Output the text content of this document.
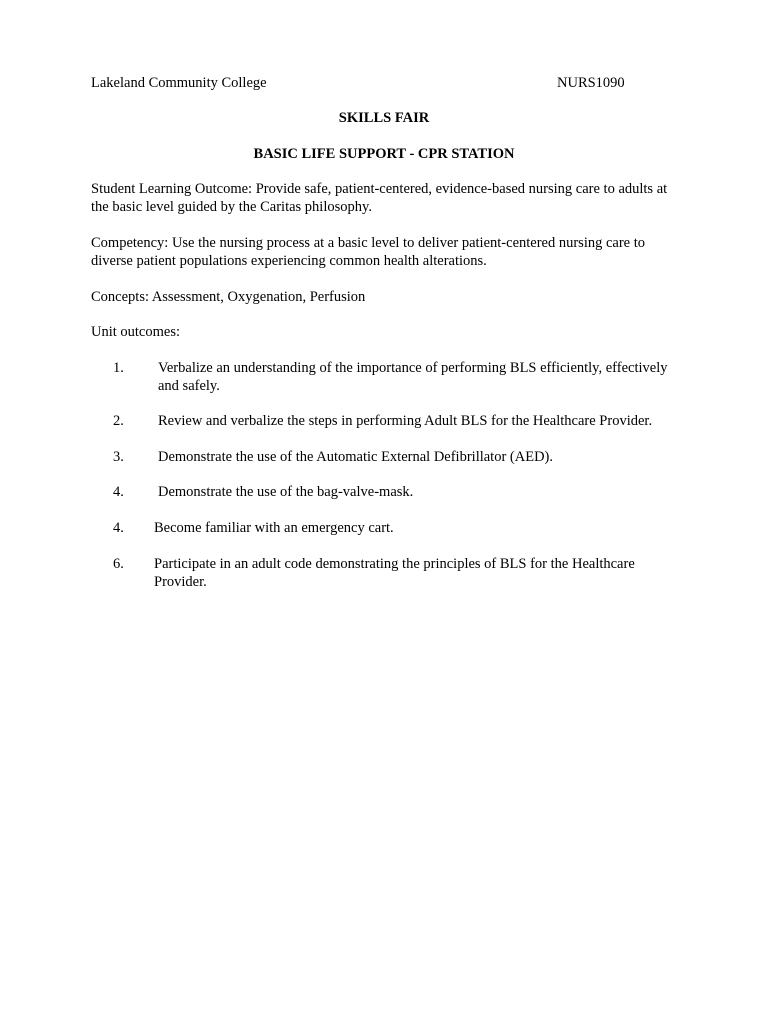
Lakeland Community College	NURS1090
SKILLS FAIR
BASIC LIFE SUPPORT - CPR STATION
Student Learning Outcome: Provide safe, patient-centered, evidence-based nursing care to adults at the basic level guided by the Caritas philosophy.
Competency: Use the nursing process at a basic level to deliver patient-centered nursing care to diverse patient populations experiencing common health alterations.
Concepts: Assessment, Oxygenation, Perfusion
Unit outcomes:
1. Verbalize an understanding of the importance of performing BLS efficiently, effectively and safely.
2. Review and verbalize the steps in performing Adult BLS for the Healthcare Provider.
3. Demonstrate the use of the Automatic External Defibrillator (AED).
4. Demonstrate the use of the bag-valve-mask.
4. Become familiar with an emergency cart.
6. Participate in an adult code demonstrating the principles of BLS for the Healthcare Provider.
